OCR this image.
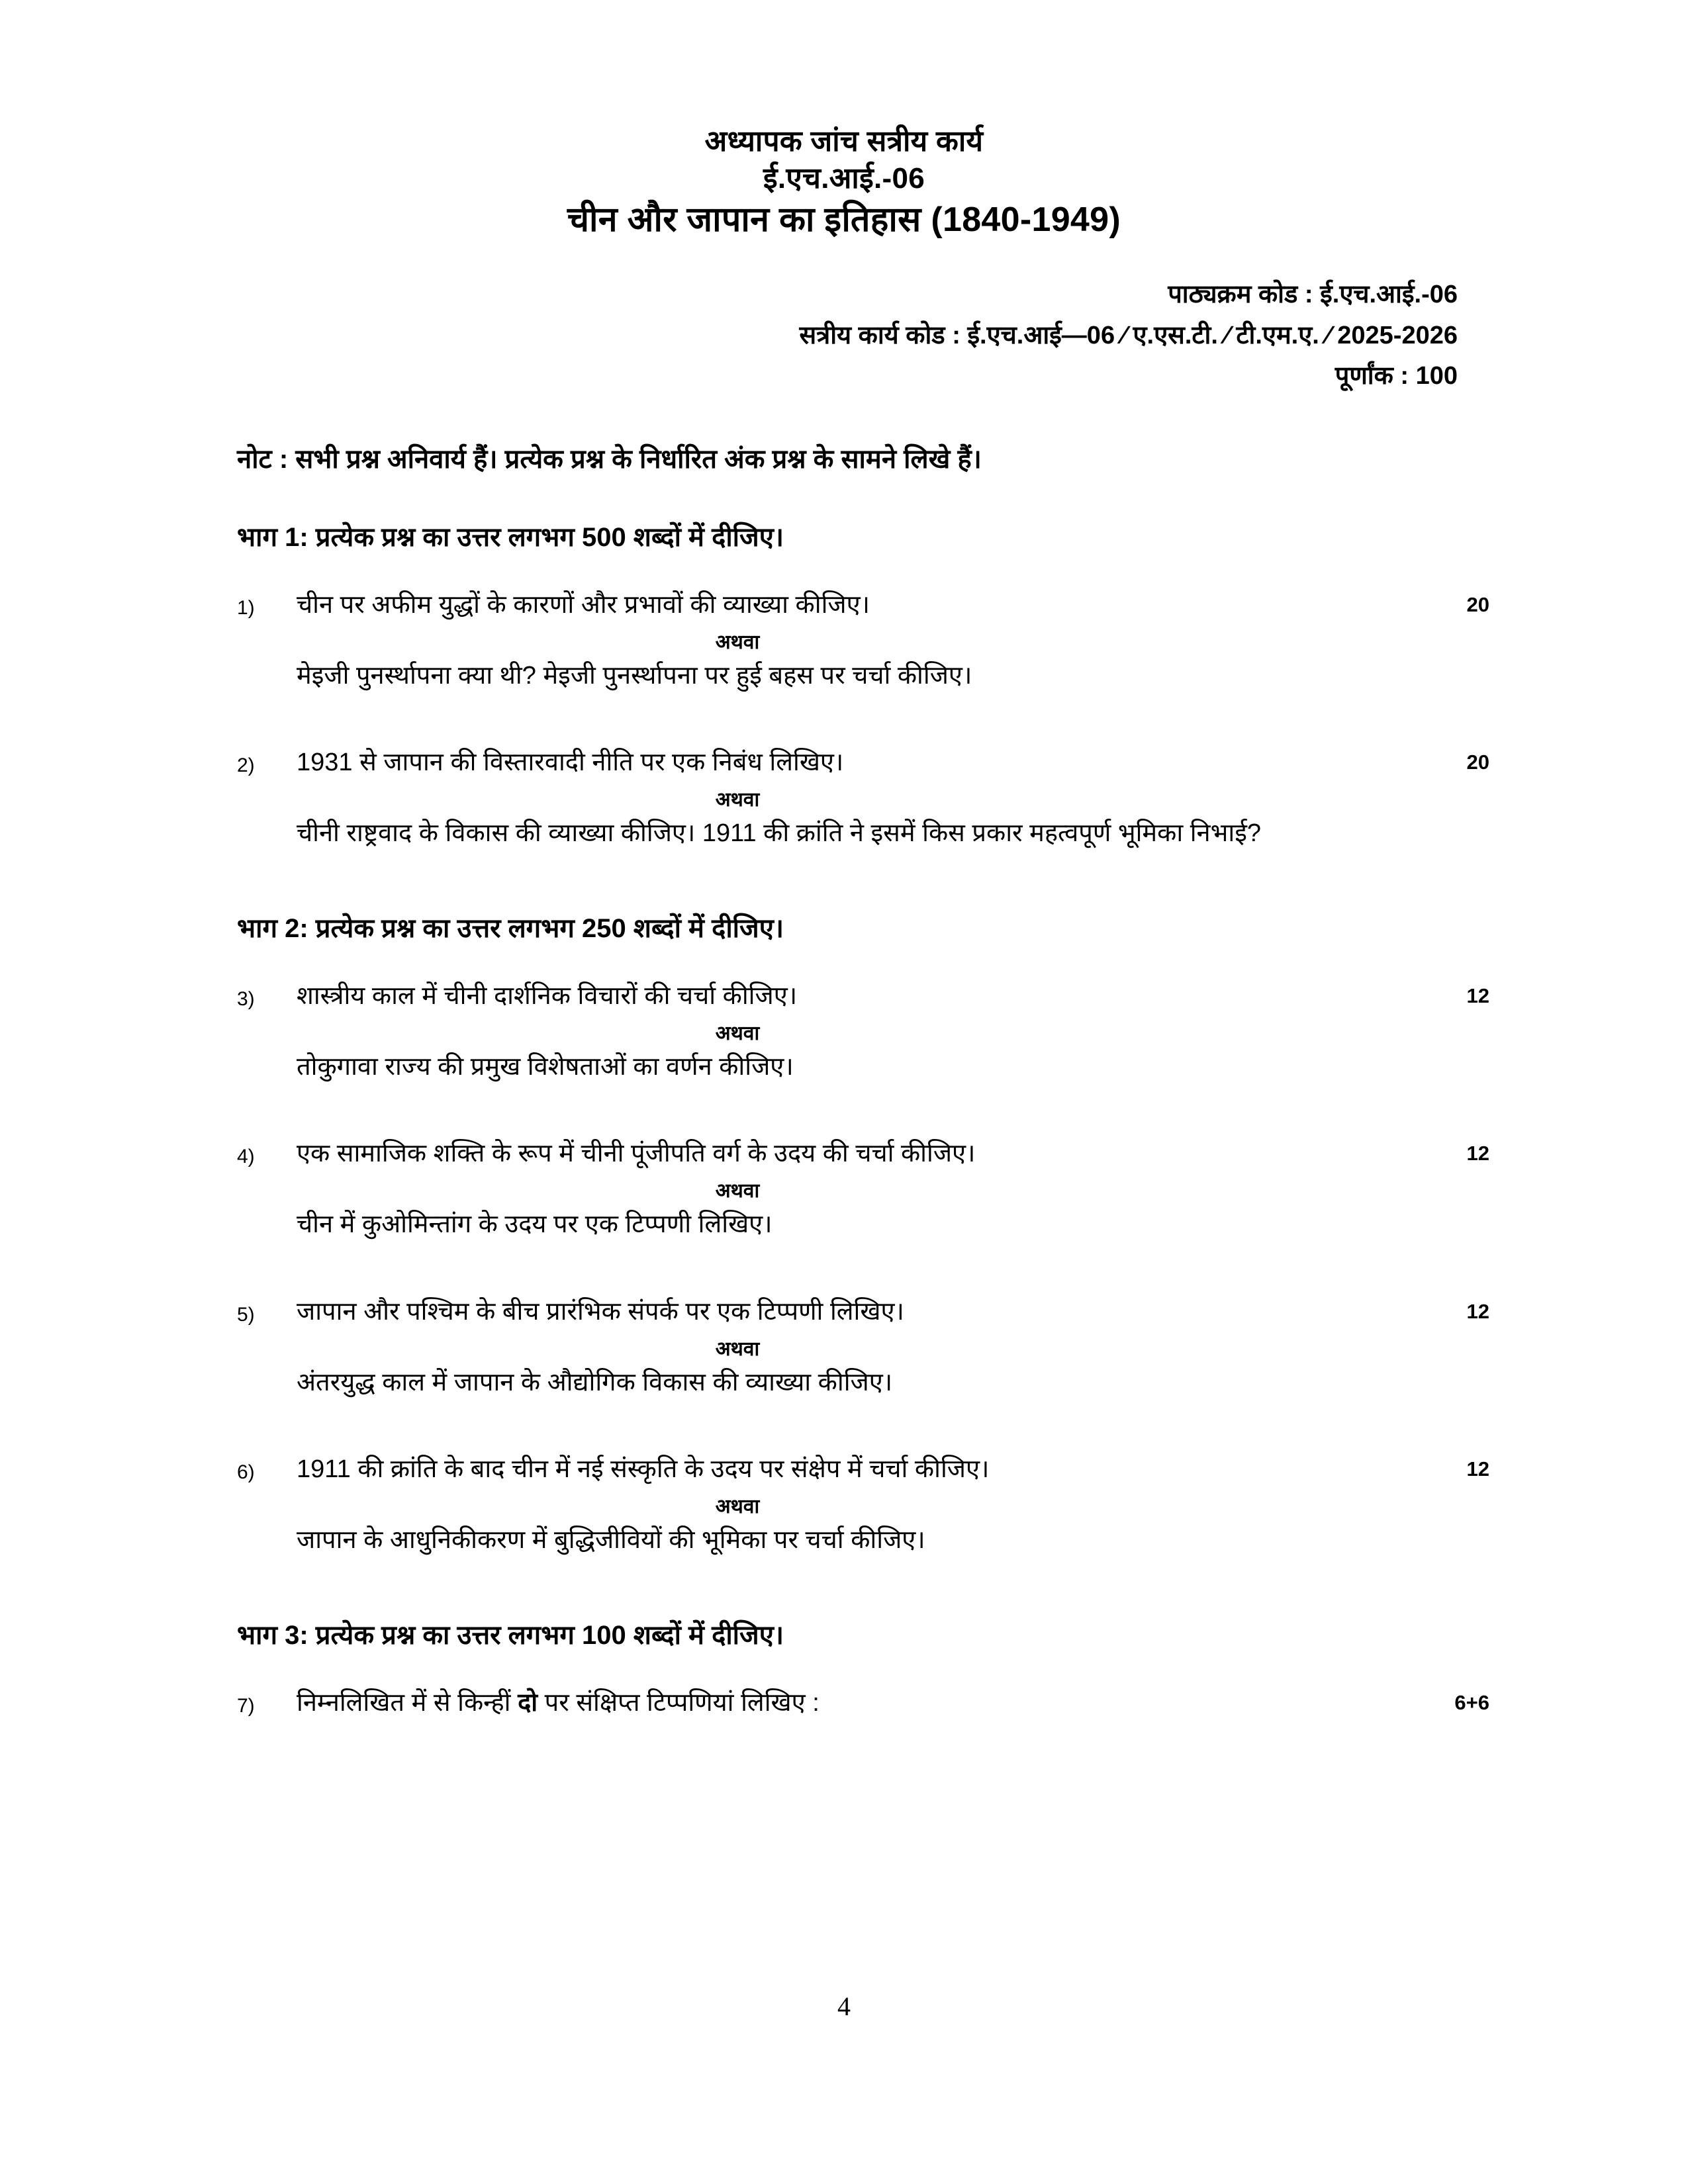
अध्यापक जांच सत्रीय कार्य
ई.एच.आई.-06
चीन और जापान का इतिहास (1840-1949)
पाठ्यक्रम कोड : ई.एच.आई.-06
सत्रीय कार्य कोड : ई.एच.आई—06 ⁄ ए.एस.टी. ⁄ टी.एम.ए. ⁄ 2025-2026
पूर्णांक : 100
नोट : सभी प्रश्न अनिवार्य हैं। प्रत्येक प्रश्न के निर्धारित अंक प्रश्न के सामने लिखे हैं।
भाग 1: प्रत्येक प्रश्न का उत्तर लगभग 500 शब्दों में दीजिए।
1)	चीन पर अफीम युद्धों के कारणों और प्रभावों की व्याख्या कीजिए।	20
अथवा
मेइजी पुनर्स्थापना क्या थी? मेइजी पुनर्स्थापना पर हुई बहस पर चर्चा कीजिए।
2)	1931 से जापान की विस्तारवादी नीति पर एक निबंध लिखिए।	20
अथवा
चीनी राष्ट्रवाद के विकास की व्याख्या कीजिए। 1911 की क्रांति ने इसमें किस प्रकार महत्वपूर्ण भूमिका निभाई?
भाग 2: प्रत्येक प्रश्न का उत्तर लगभग 250 शब्दों में दीजिए।
3)	शास्त्रीय काल में चीनी दार्शनिक विचारों की चर्चा कीजिए।	12
अथवा
तोकुगावा राज्य की प्रमुख विशेषताओं का वर्णन कीजिए।
4)	एक सामाजिक शक्ति के रूप में चीनी पूंजीपति वर्ग के उदय की चर्चा कीजिए।	12
अथवा
चीन में कुओमिन्तांग के उदय पर एक टिप्पणी लिखिए।
5)	जापान और पश्चिम के बीच प्रारंभिक संपर्क पर एक टिप्पणी लिखिए।	12
अथवा
अंतरयुद्ध काल में जापान के औद्योगिक विकास की व्याख्या कीजिए।
6)	1911 की क्रांति के बाद चीन में नई संस्कृति के उदय पर संक्षेप में चर्चा कीजिए।	12
अथवा
जापान के आधुनिकीकरण में बुद्धिजीवियों की भूमिका पर चर्चा कीजिए।
भाग 3: प्रत्येक प्रश्न का उत्तर लगभग 100 शब्दों में दीजिए।
7)	निम्नलिखित में से किन्हीं दो पर संक्षिप्त टिप्पणियां लिखिए :	6+6
4
